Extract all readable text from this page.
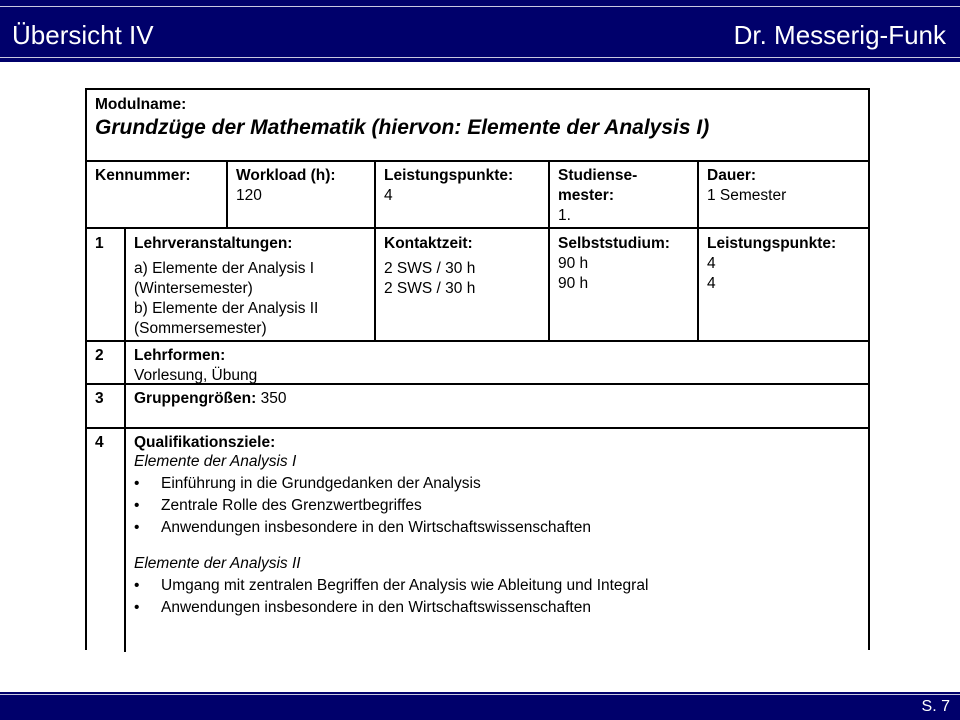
Übersicht IV	Dr. Messerig-Funk
Modulname:
Grundzüge der Mathematik (hiervon: Elemente der Analysis I)
Kennummer:	Workload (h):
120
Leistungspunkte:
4
Studiense-
mester:
1.
Dauer:
1 Semester
1 Lehrveranstaltungen:
a) Elemente der Analysis I
(Wintersemester)
b) Elemente der Analysis II
(Sommersemester)
Kontaktzeit:
2 SWS / 30 h
2 SWS / 30 h
Selbststudium:
90 h
90 h
Leistungspunkte:
4
4
2 Lehrformen:
Vorlesung, Übung
3 Gruppengrößen: 350
4 Qualifikationsziele:
Elemente der Analysis I
• Einführung in die Grundgedanken der Analysis
• Zentrale Rolle des Grenzwertbegriffes
• Anwendungen insbesondere in den Wirtschaftswissenschaften
Elemente der Analysis II
• Umgang mit zentralen Begriffen der Analysis wie Ableitung und Integral
• Anwendungen insbesondere in den Wirtschaftswissenschaften
S. 7
